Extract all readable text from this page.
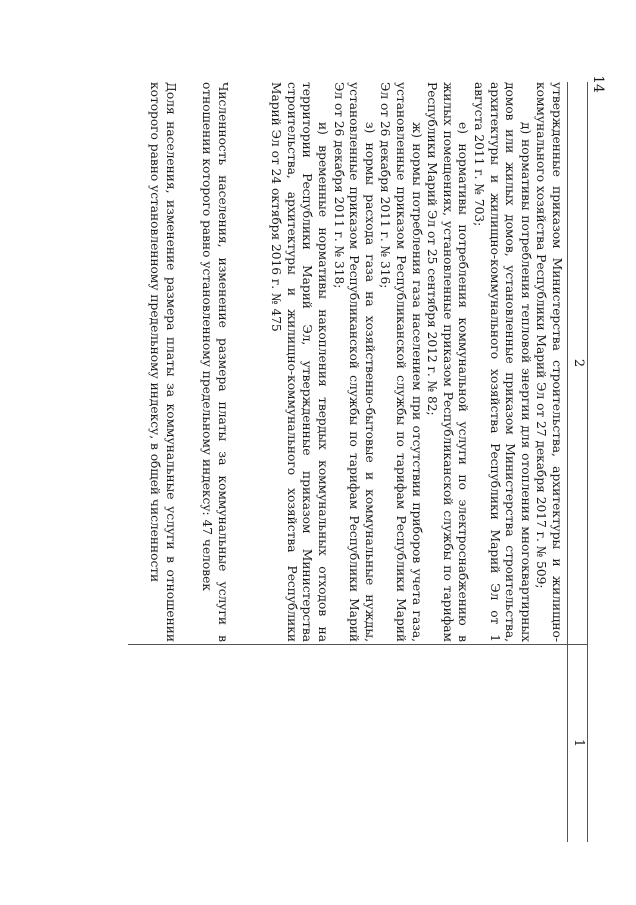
14
1
2

утвержденные приказом Министерства строительства, архитектуры и жилищно-коммунального хозяйства Республики Марий Эл от 27 декабря 2017 г. № 509;

д) нормативы потребления тепловой энергии для отопления многоквартирных домов или жилых домов, установленные приказом Министерства строительства, архитектуры и жилищно-коммунального хозяйства Республики Марий Эл от 1 августа 2011 г. № 703;

е) нормативы потребления коммунальной услуги по электроснабжению в жилых помещениях, установленные приказом Республиканской службы по тарифам Республики Марий Эл от 25 сентября 2012 г. № 82;

ж) нормы потребления газа населением при отсутствии приборов учета газа, установленные приказом Республиканской службы по тарифам Республики Марий Эл от 26 декабря 2011 г. № 316;

з) нормы расхода газа на хозяйственно-бытовые и коммунальные нужды, установленные приказом Республиканской службы по тарифам Республики Марий Эл от 26 декабря 2011 г. № 318;

и) временные нормативы накопления твердых коммунальных отходов на территории Республики Марий Эл, утвержденные приказом Министерства строительства, архитектуры и жилищно-коммунального хозяйства Республики Марий Эл от 24 октября 2016 г. № 475

Численность населения, изменение размера платы за коммунальные услуги в отношении которого равно установленному предельному индексу: 47 человек

Доля населения, изменение размера платы за коммунальные услуги в отношении которого равно установленному предельному индексу, в общей численности
